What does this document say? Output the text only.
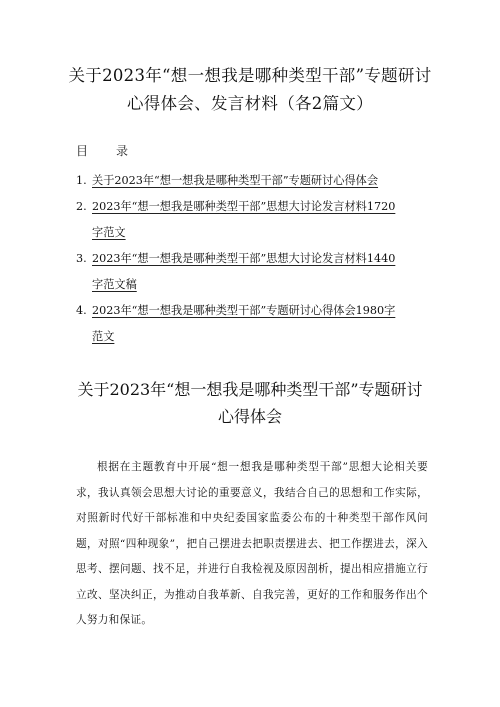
关于2023年“想一想我是哪种类型干部”专题研讨
心得体会、发言材料（各2篇文）
目 录
1. 关于2023年“想一想我是哪种类型干部”专题研讨心得体会
2. 2023年“想一想我是哪种类型干部”思想大讨论发言材料1720
字范文
3. 2023年“想一想我是哪种类型干部”思想大讨论发言材料1440
字范文稿
4. 2023年“想一想我是哪种类型干部”专题研讨心得体会1980字
范文
关于2023年“想一想我是哪种类型干部”专题研讨
心得体会

根据在主题教育中开展“想一想我是哪种类型干部”思想大论相关要求，我认真领会思想大讨论的重要意义，我结合自己的思想和工作实际，对照新时代好干部标准和中央纪委国家监委公布的十种类型干部作风问题，对照“四种现象”，把自己摆进去把职责摆进去、把工作摆进去，深入思考、摆问题、找不足，并进行自我检视及原因剖析，提出相应措施立行立改、坚决纠正，为推动自我革新、自我完善，更好的工作和服务作出个人努力和保证。
